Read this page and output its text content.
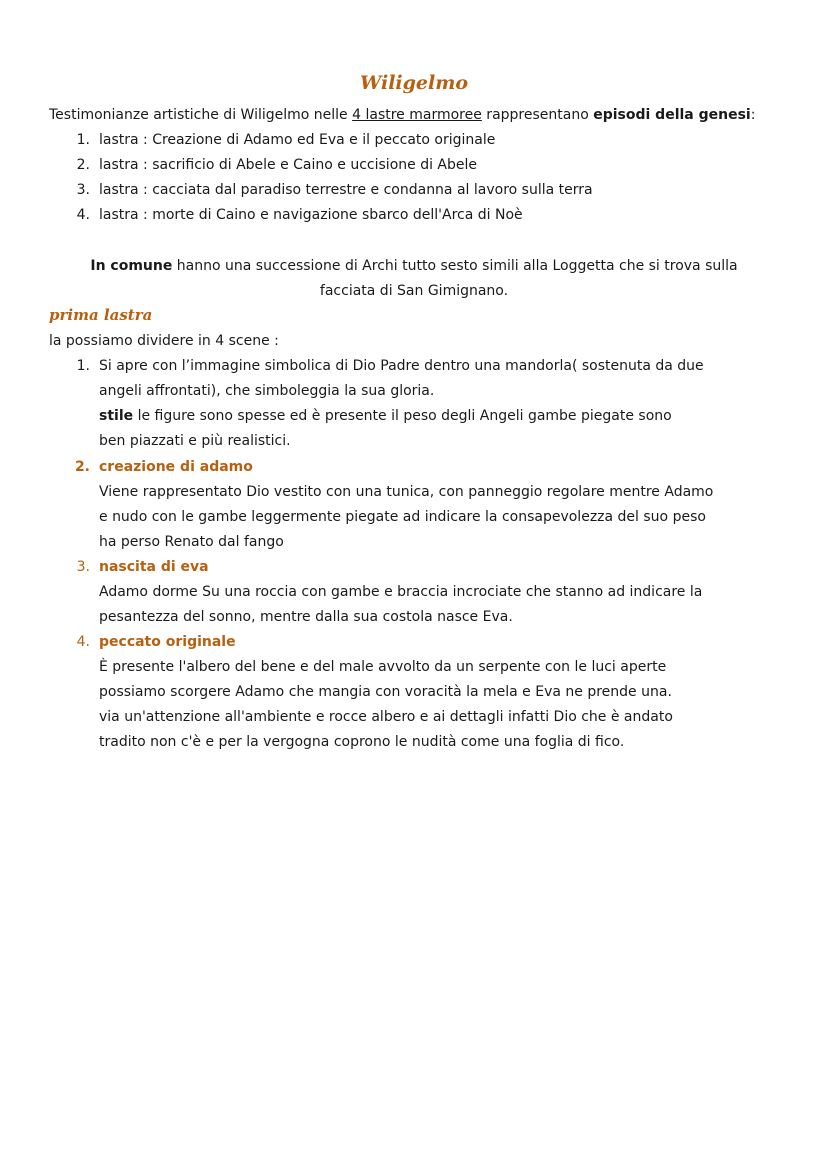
Wiligelmo
Testimonianze artistiche di Wiligelmo nelle 4 lastre marmoree rappresentano episodi della genesi:
1. lastra : Creazione di Adamo ed Eva e il peccato originale
2. lastra : sacrificio di Abele e Caino e uccisione di Abele
3. lastra : cacciata dal paradiso terrestre e condanna al lavoro sulla terra
4. lastra : morte di Caino e navigazione sbarco dell'Arca di Noè
In comune hanno una successione di Archi tutto sesto simili alla Loggetta che si trova sulla
facciata di San Gimignano.
prima lastra
la possiamo dividere in 4 scene :
1. Si apre con l’immagine simbolica di Dio Padre dentro una mandorla( sostenuta da due
angeli affrontati), che simboleggia la sua gloria.
stile le figure sono spesse ed è presente il peso degli Angeli gambe piegate sono
ben piazzati e più realistici.
2. creazione di adamo
Viene rappresentato Dio vestito con una tunica, con panneggio regolare mentre Adamo
e nudo con le gambe leggermente piegate ad indicare la consapevolezza del suo peso
ha perso Renato dal fango
3. nascita di eva
Adamo dorme Su una roccia con gambe e braccia incrociate che stanno ad indicare la
pesantezza del sonno, mentre dalla sua costola nasce Eva.
4. peccato originale
È presente l'albero del bene e del male avvolto da un serpente con le luci aperte
possiamo scorgere Adamo che mangia con voracità la mela e Eva ne prende una.
via un'attenzione all'ambiente e rocce albero e ai dettagli infatti Dio che è andato
tradito non c'è e per la vergogna coprono le nudità come una foglia di fico.
